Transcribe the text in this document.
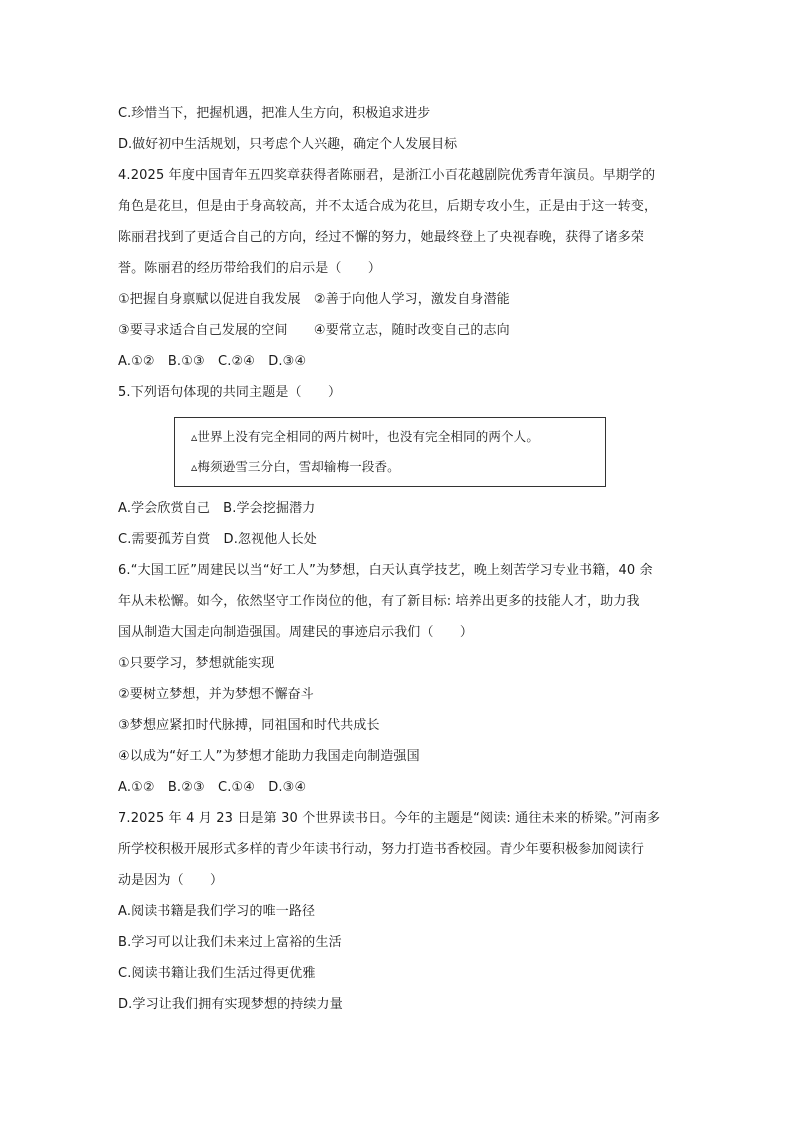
C.珍惜当下，把握机遇，把准人生方向，积极追求进步
D.做好初中生活规划，只考虑个人兴趣，确定个人发展目标
4.2025 年度中国青年五四奖章获得者陈丽君，是浙江小百花越剧院优秀青年演员。早期学的
角色是花旦，但是由于身高较高，并不太适合成为花旦，后期专攻小生，正是由于这一转变，
陈丽君找到了更适合自己的方向，经过不懈的努力，她最终登上了央视春晚，获得了诸多荣
誉。陈丽君的经历带给我们的启示是（　　）
①把握自身禀赋以促进自我发展　②善于向他人学习，激发自身潜能
③要寻求适合自己发展的空间　　④要常立志，随时改变自己的志向
A.①②　B.①③　C.②④　D.③④
5.下列语句体现的共同主题是（　　）
▵世界上没有完全相同的两片树叶，也没有完全相同的两个人。
▵梅须逊雪三分白，雪却输梅一段香。
A.学会欣赏自己　B.学会挖掘潜力
C.需要孤芳自赏　D.忽视他人长处
6.“大国工匠”周建民以当“好工人”为梦想，白天认真学技艺，晚上刻苦学习专业书籍，40 余
年从未松懈。如今，依然坚守工作岗位的他，有了新目标: 培养出更多的技能人才，助力我
国从制造大国走向制造强国。周建民的事迹启示我们（　　）
①只要学习，梦想就能实现
②要树立梦想，并为梦想不懈奋斗
③梦想应紧扣时代脉搏，同祖国和时代共成长
④以成为“好工人”为梦想才能助力我国走向制造强国
A.①②　B.②③　C.①④　D.③④
7.2025 年 4 月 23 日是第 30 个世界读书日。今年的主题是“阅读: 通往未来的桥梁。”河南多
所学校积极开展形式多样的青少年读书行动，努力打造书香校园。青少年要积极参加阅读行
动是因为（　　）
A.阅读书籍是我们学习的唯一路径
B.学习可以让我们未来过上富裕的生活
C.阅读书籍让我们生活过得更优雅
D.学习让我们拥有实现梦想的持续力量
